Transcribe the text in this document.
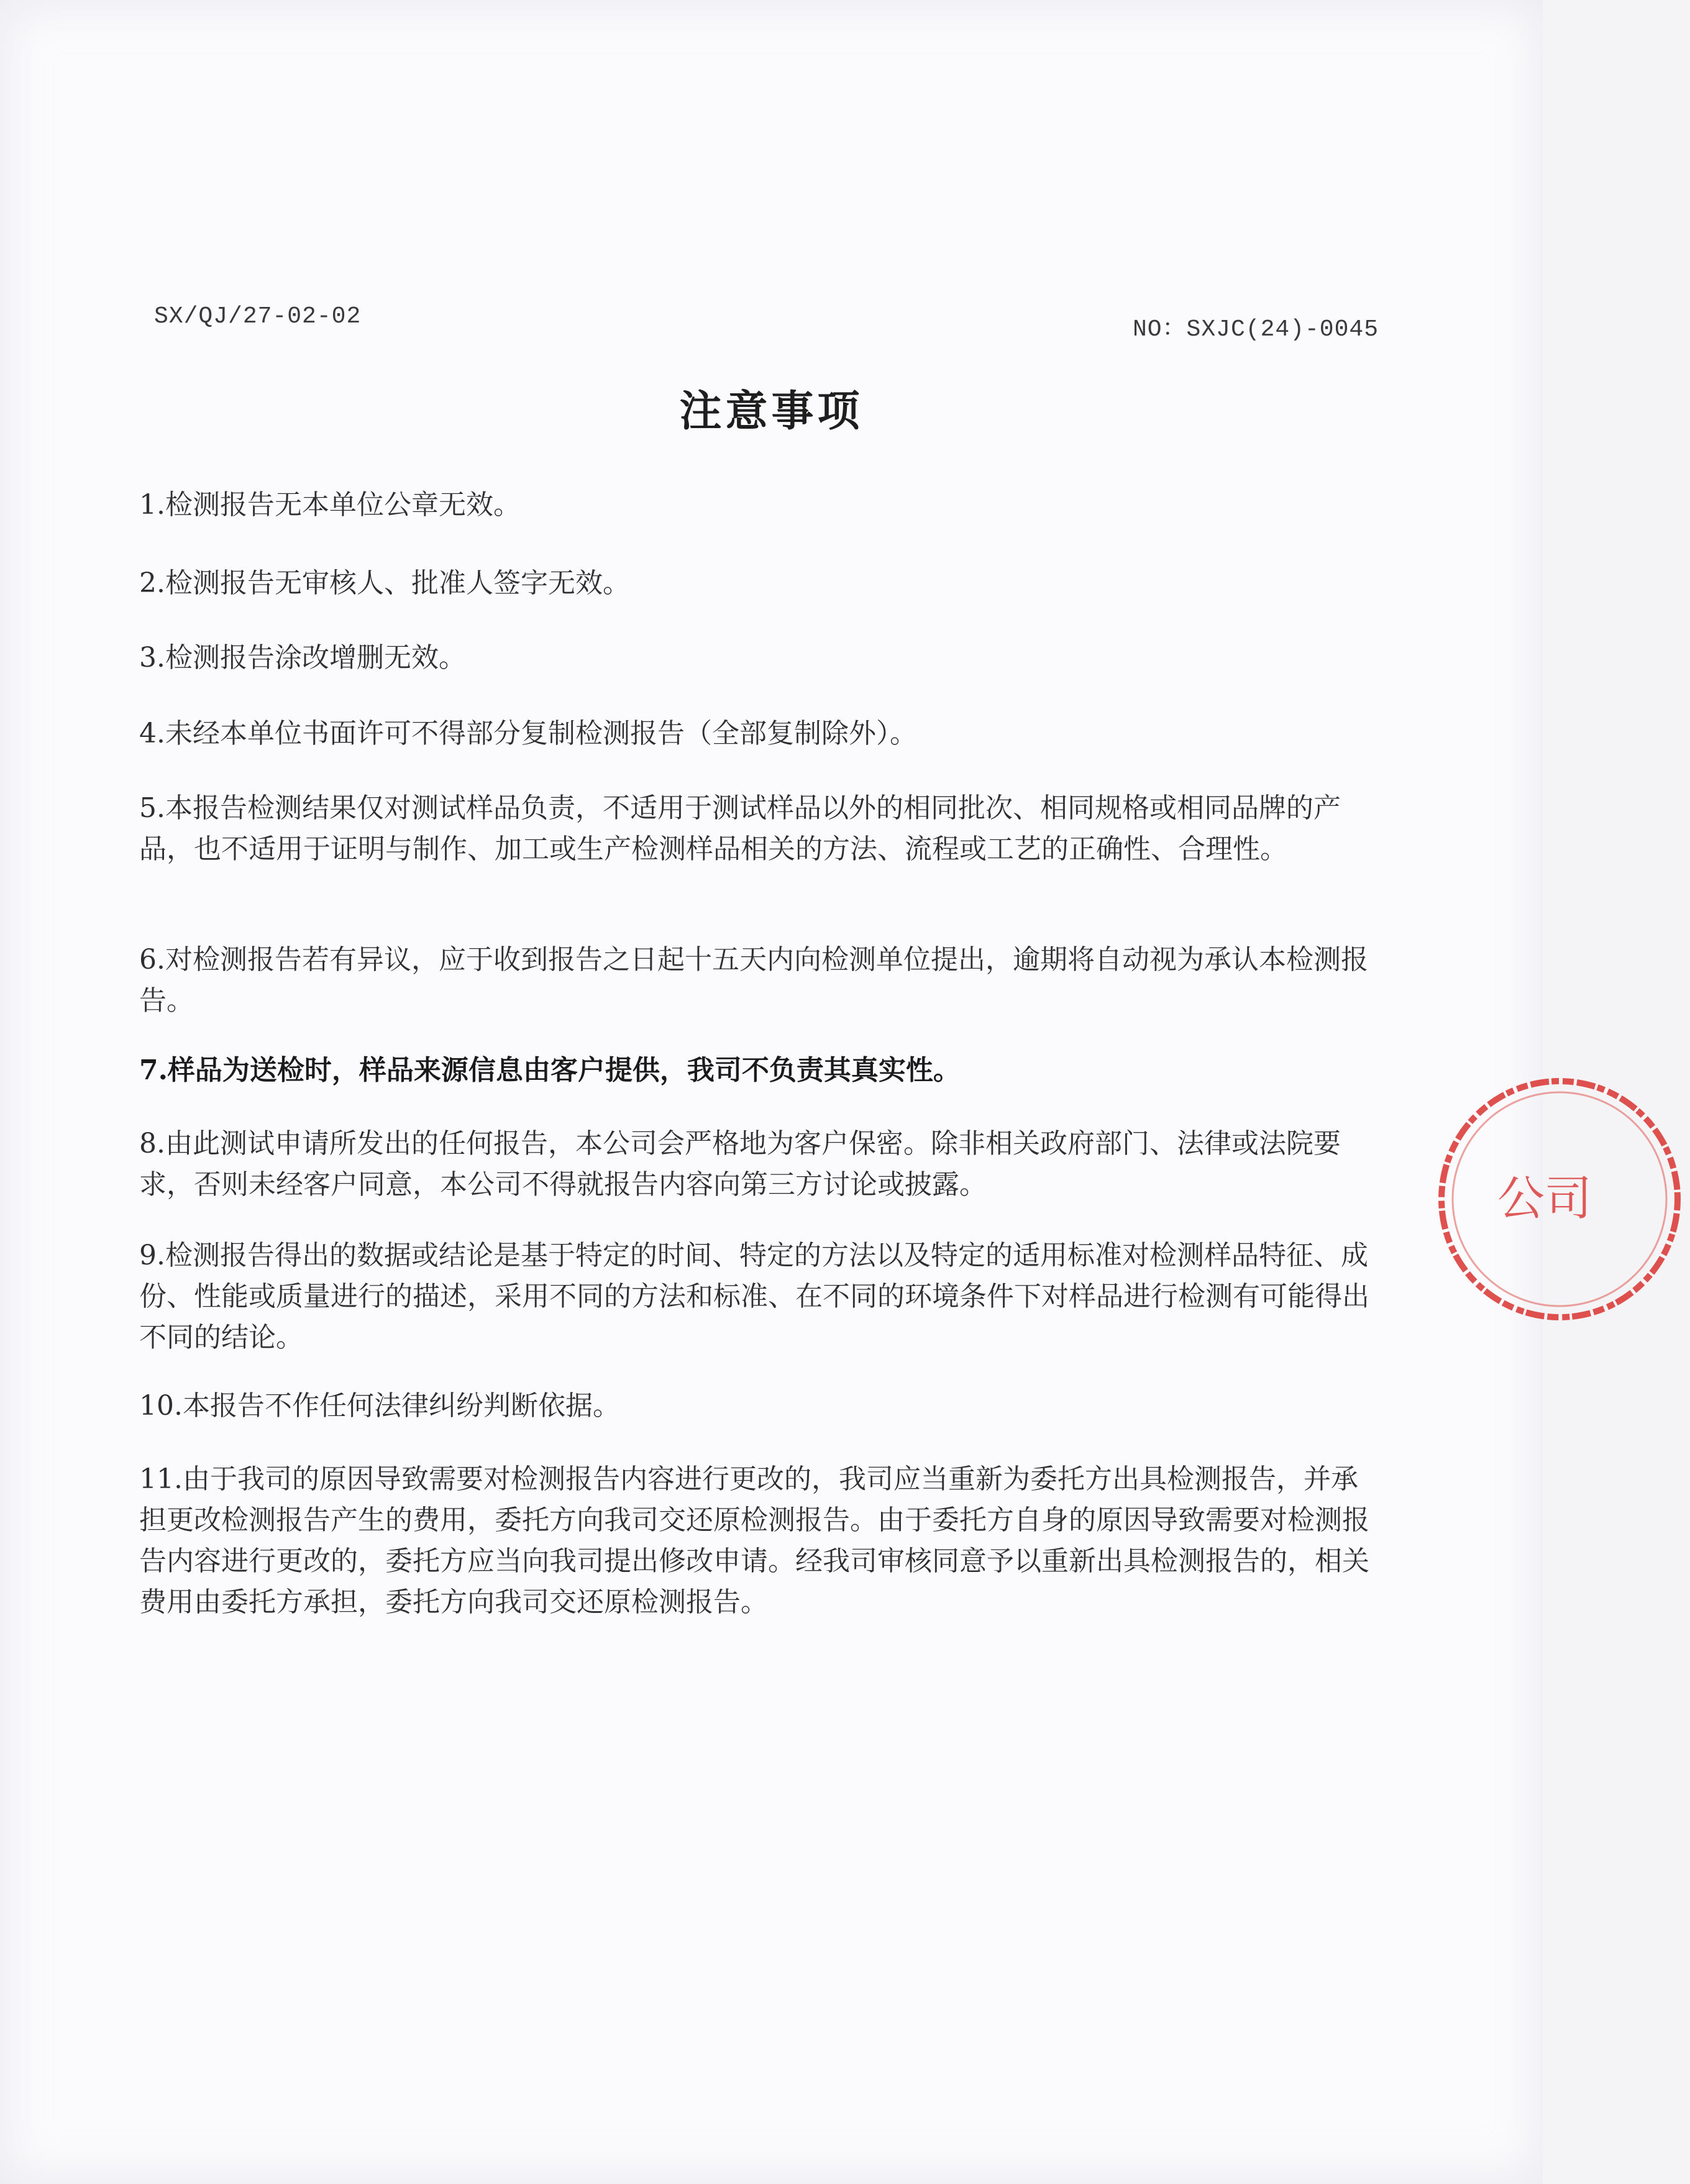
SX/QJ/27-02-02	NO：SXJC(24)-0045
注意事项
1.检测报告无本单位公章无效。
2.检测报告无审核人、批准人签字无效。
3.检测报告涂改增删无效。
4.未经本单位书面许可不得部分复制检测报告（全部复制除外）。
5.本报告检测结果仅对测试样品负责，不适用于测试样品以外的相同批次、相同规格或相同品牌的产品，也不适用于证明与制作、加工或生产检测样品相关的方法、流程或工艺的正确性、合理性。
6.对检测报告若有异议，应于收到报告之日起十五天内向检测单位提出，逾期将自动视为承认本检测报告。
7.样品为送检时，样品来源信息由客户提供，我司不负责其真实性。
8.由此测试申请所发出的任何报告，本公司会严格地为客户保密。除非相关政府部门、法律或法院要求，否则未经客户同意，本公司不得就报告内容向第三方讨论或披露。
9.检测报告得出的数据或结论是基于特定的时间、特定的方法以及特定的适用标准对检测样品特征、成份、性能或质量进行的描述，采用不同的方法和标准、在不同的环境条件下对样品进行检测有可能得出不同的结论。
10.本报告不作任何法律纠纷判断依据。
11.由于我司的原因导致需要对检测报告内容进行更改的，我司应当重新为委托方出具检测报告，并承担更改检测报告产生的费用，委托方向我司交还原检测报告。由于委托方自身的原因导致需要对检测报告内容进行更改的，委托方应当向我司提出修改申请。经我司审核同意予以重新出具检测报告的，相关费用由委托方承担，委托方向我司交还原检测报告。
公司
